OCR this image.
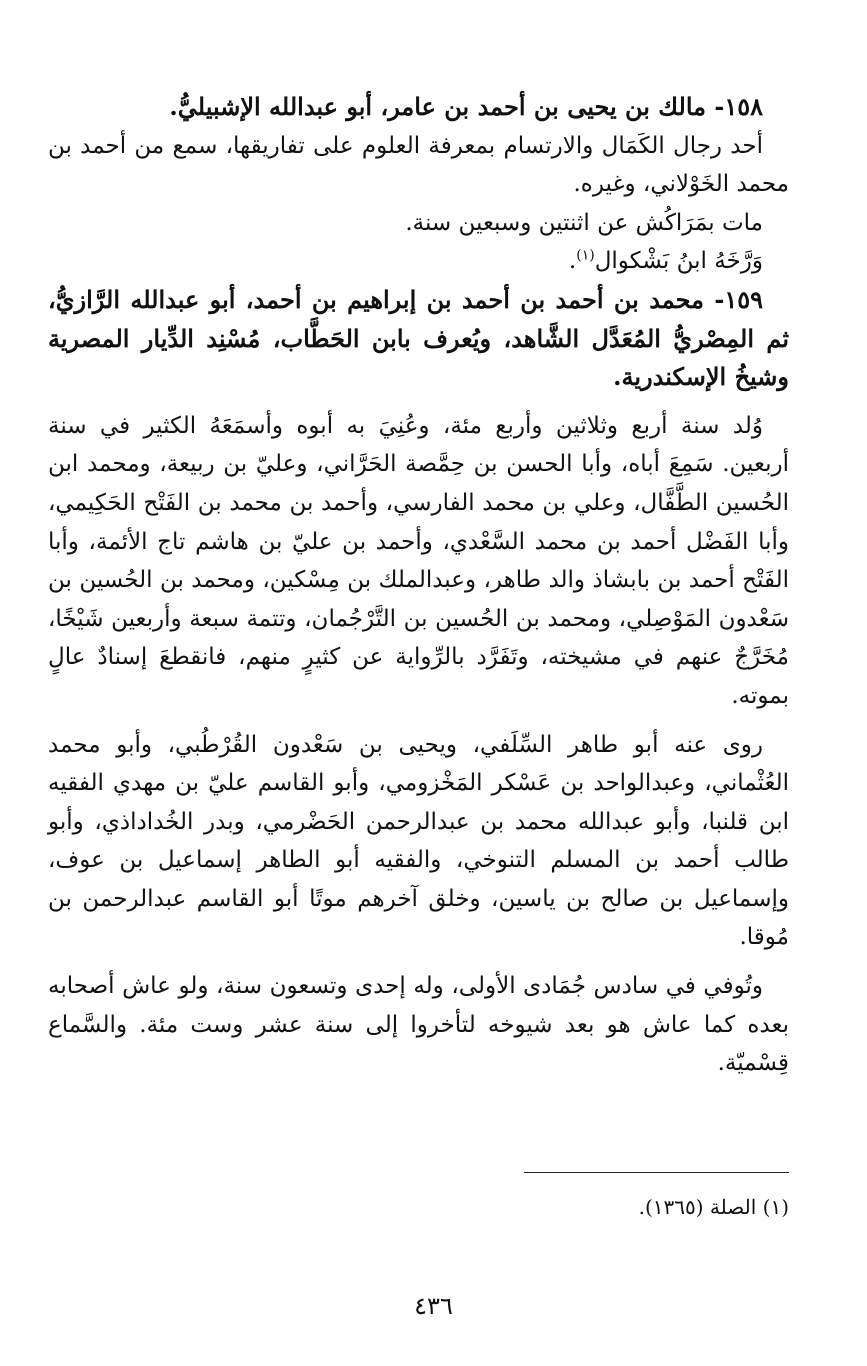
١٥٨- مالك بن يحيى بن أحمد بن عامر، أبو عبدالله الإشبيليُّ.

أحد رجال الكَمَال والارتسام بمعرفة العلوم على تفاريقها، سمع من أحمد بن محمد الخَوْلاني، وغيره.

مات بمَرَاكُش عن اثنتين وسبعين سنة.

وَرَّخَهُ ابنُ بَشْكوال$^{(١)}$.

١٥٩- محمد بن أحمد بن أحمد بن إبراهيم بن أحمد، أبو عبدالله الرَّازيُّ، ثم المِصْريُّ المُعَدَّل الشَّاهد، ويُعرف بابن الحَطَّاب، مُسْنِد الدِّيار المصرية وشيخُ الإسكندرية.

وُلد سنة أربع وثلاثين وأربع مئة، وعُنِيَ به أبوه وأسمَعَهُ الكثير في سنة أربعين. سَمِعَ أباه، وأبا الحسن بن حِمَّصة الحَرَّاني، وعليّ بن ربيعة، ومحمد ابن الحُسين الطَّفَّال، وعلي بن محمد الفارسي، وأحمد بن محمد بن الفَتْح الحَكِيمي، وأبا الفَضْل أحمد بن محمد السَّعْدي، وأحمد بن عليّ بن هاشم تاج الأئمة، وأبا الفَتْح أحمد بن بابشاذ والد طاهر، وعبدالملك بن مِسْكين، ومحمد بن الحُسين بن سَعْدون المَوْصِلي، ومحمد بن الحُسين بن التَّرْجُمان، وتتمة سبعة وأربعين شَيْخًا، مُخَرَّجٌ عنهم في مشيخته، وتَفَرَّد بالرِّواية عن كثيرٍ منهم، فانقطعَ إسنادٌ عالٍ بموته.

روى عنه أبو طاهر السِّلَفي، ويحيى بن سَعْدون القُرْطُبي، وأبو محمد العُثْماني، وعبدالواحد بن عَسْكر المَخْزومي، وأبو القاسم عليّ بن مهدي الفقيه ابن قلنبا، وأبو عبدالله محمد بن عبدالرحمن الحَضْرمي، وبدر الخُداداذي، وأبو طالب أحمد بن المسلم التنوخي، والفقيه أبو الطاهر إسماعيل بن عوف، وإسماعيل بن صالح بن ياسين، وخلق آخرهم موتًا أبو القاسم عبدالرحمن بن مُوقا.

وتُوفي في سادس جُمَادى الأولى، وله إحدى وتسعون سنة، ولو عاش أصحابه بعده كما عاش هو بعد شيوخه لتأخروا إلى سنة عشر وست مئة. والسَّماع قِسْميّة.

(١) الصلة (١٣٦٥).
٤٣٦
